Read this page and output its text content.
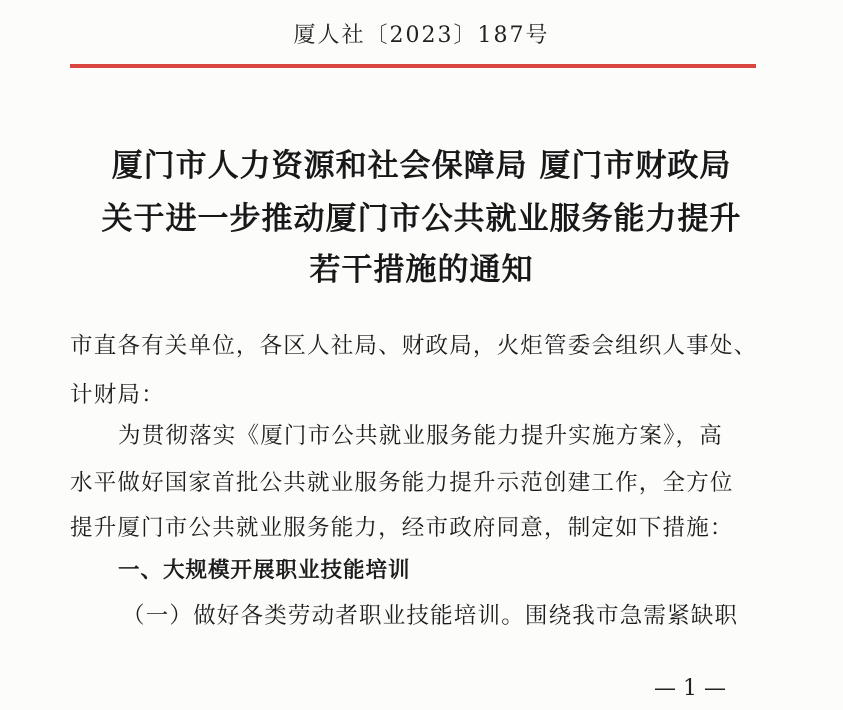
厦人社〔2023〕187号
厦门市人力资源和社会保障局 厦门市财政局
关于进一步推动厦门市公共就业服务能力提升
若干措施的通知
市直各有关单位，各区人社局、财政局，火炬管委会组织人事处、
计财局：
为贯彻落实《厦门市公共就业服务能力提升实施方案》，高
水平做好国家首批公共就业服务能力提升示范创建工作，全方位
提升厦门市公共就业服务能力，经市政府同意，制定如下措施：
一、大规模开展职业技能培训
（一）做好各类劳动者职业技能培训。围绕我市急需紧缺职
— 1 —
